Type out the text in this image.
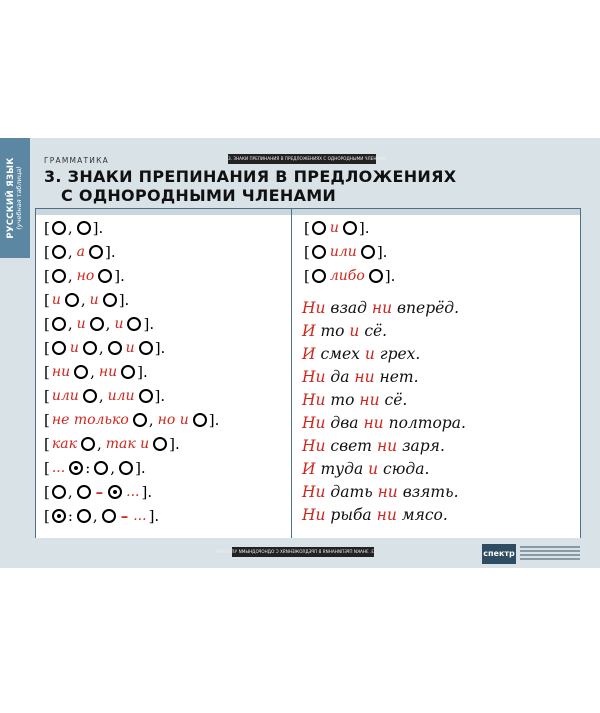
РУССКИЙ ЯЗЫК
(учебная таблица)
3. ЗНАКИ ПРЕПИНАНИЯ В ПРЕДЛОЖЕНИЯХ С ОДНОРОДНЫМИ ЧЛЕНАМИ
ГРАММАТИКА
3. ЗНАКИ ПРЕПИНАНИЯ В ПРЕДЛОЖЕНИЯХ
С ОДНОРОДНЫМИ ЧЛЕНАМИ
[ , ].
[ , а ].
[ , но ].
[ и , и ].
[ , и , и ].
[ и , и ].
[ ни , ни ].
[ или , или ].
[ не только , но и ].
[ как , так и ].
[ ... : , ].
[ , – ... ].
[ : , – ... ].
[ и ].
[ или ].
[ либо ].
Ни взад ни вперёд.
И то и сё.
И смех и грех.
Ни да ни нет.
Ни то ни сё.
Ни два ни полтора.
Ни свет ни заря.
И туда и сюда.
Ни дать ни взять.
Ни рыба ни мясо.
3. ЗНАКИ ПРЕПИНАНИЯ В ПРЕДЛОЖЕНИЯХ С ОДНОРОДНЫМИ ЧЛЕНАМИ	спектр
